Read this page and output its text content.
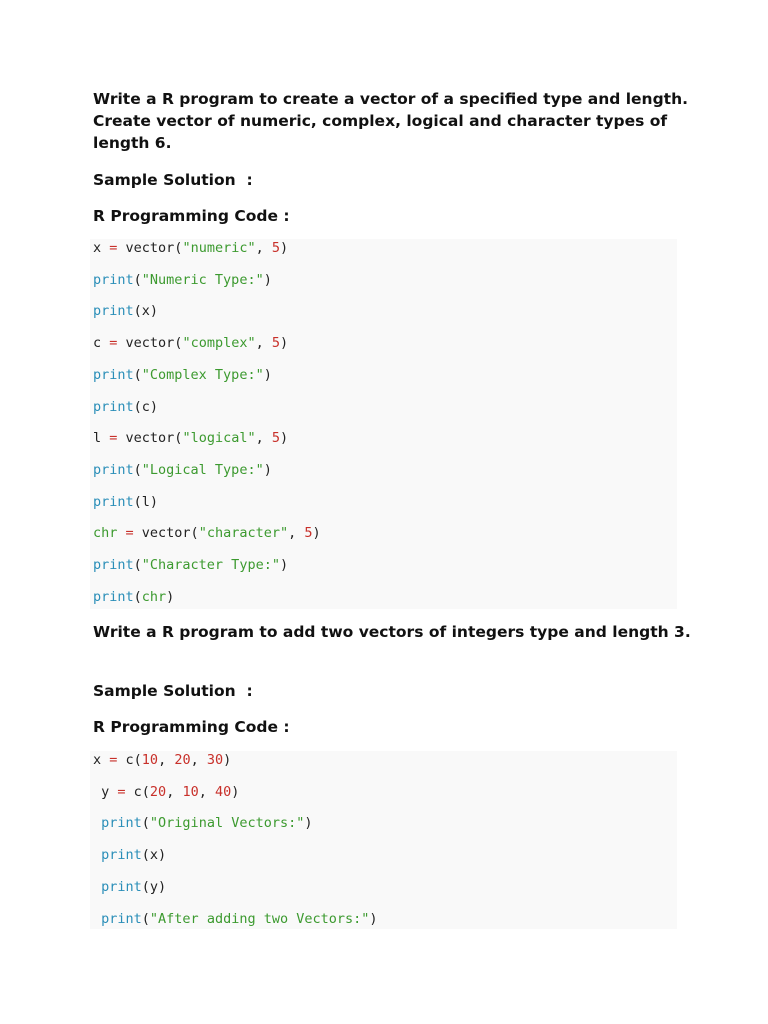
Write a R program to create a vector of a specified type and length. Create vector of numeric, complex, logical and character types of length 6.

Sample Solution  :

R Programming Code :

x = vector("numeric", 5)
print("Numeric Type:")
print(x)
c = vector("complex", 5)
print("Complex Type:")
print(c)
l = vector("logical", 5)
print("Logical Type:")
print(l)
chr = vector("character", 5)
print("Character Type:")
print(chr)

Write a R program to add two vectors of integers type and length 3.

Sample Solution  :

R Programming Code :

x = c(10, 20, 30)
y = c(20, 10, 40)
print("Original Vectors:")
print(x)
print(y)
print("After adding two Vectors:")
